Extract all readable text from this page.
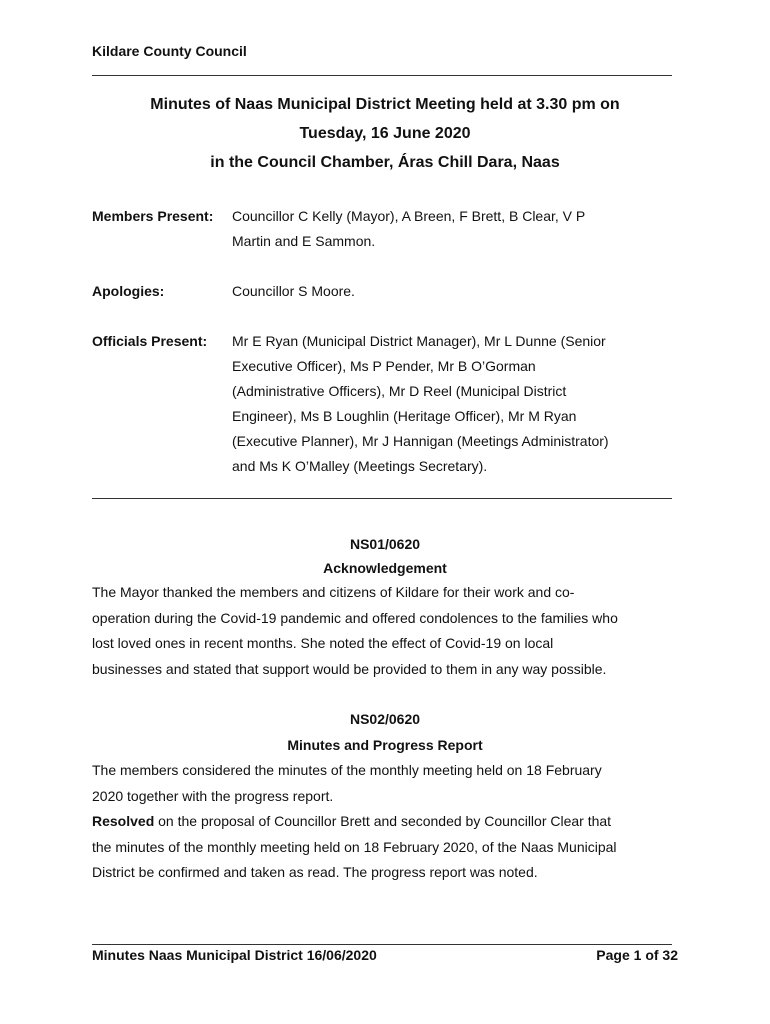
Kildare County Council
Minutes of Naas Municipal District Meeting held at 3.30 pm on
Tuesday, 16 June 2020
in the Council Chamber, Áras Chill Dara, Naas
Members Present: Councillor C Kelly (Mayor), A Breen, F Brett, B Clear, V P
Martin and E Sammon.
Apologies:	Councillor S Moore.
Officials Present: Mr E Ryan (Municipal District Manager), Mr L Dunne (Senior
Executive Officer), Ms P Pender, Mr B O’Gorman
(Administrative Officers), Mr D Reel (Municipal District
Engineer), Ms B Loughlin (Heritage Officer), Mr M Ryan
(Executive Planner), Mr J Hannigan (Meetings Administrator)
and Ms K O’Malley (Meetings Secretary).
NS01/0620
Acknowledgement
The Mayor thanked the members and citizens of Kildare for their work and co-
operation during the Covid-19 pandemic and offered condolences to the families who
lost loved ones in recent months. She noted the effect of Covid-19 on local
businesses and stated that support would be provided to them in any way possible.
NS02/0620
Minutes and Progress Report
The members considered the minutes of the monthly meeting held on 18 February
2020 together with the progress report.
Resolved on the proposal of Councillor Brett and seconded by Councillor Clear that
the minutes of the monthly meeting held on 18 February 2020, of the Naas Municipal
District be confirmed and taken as read. The progress report was noted.
Minutes Naas Municipal District 16/06/2020	Page 1 of 32
